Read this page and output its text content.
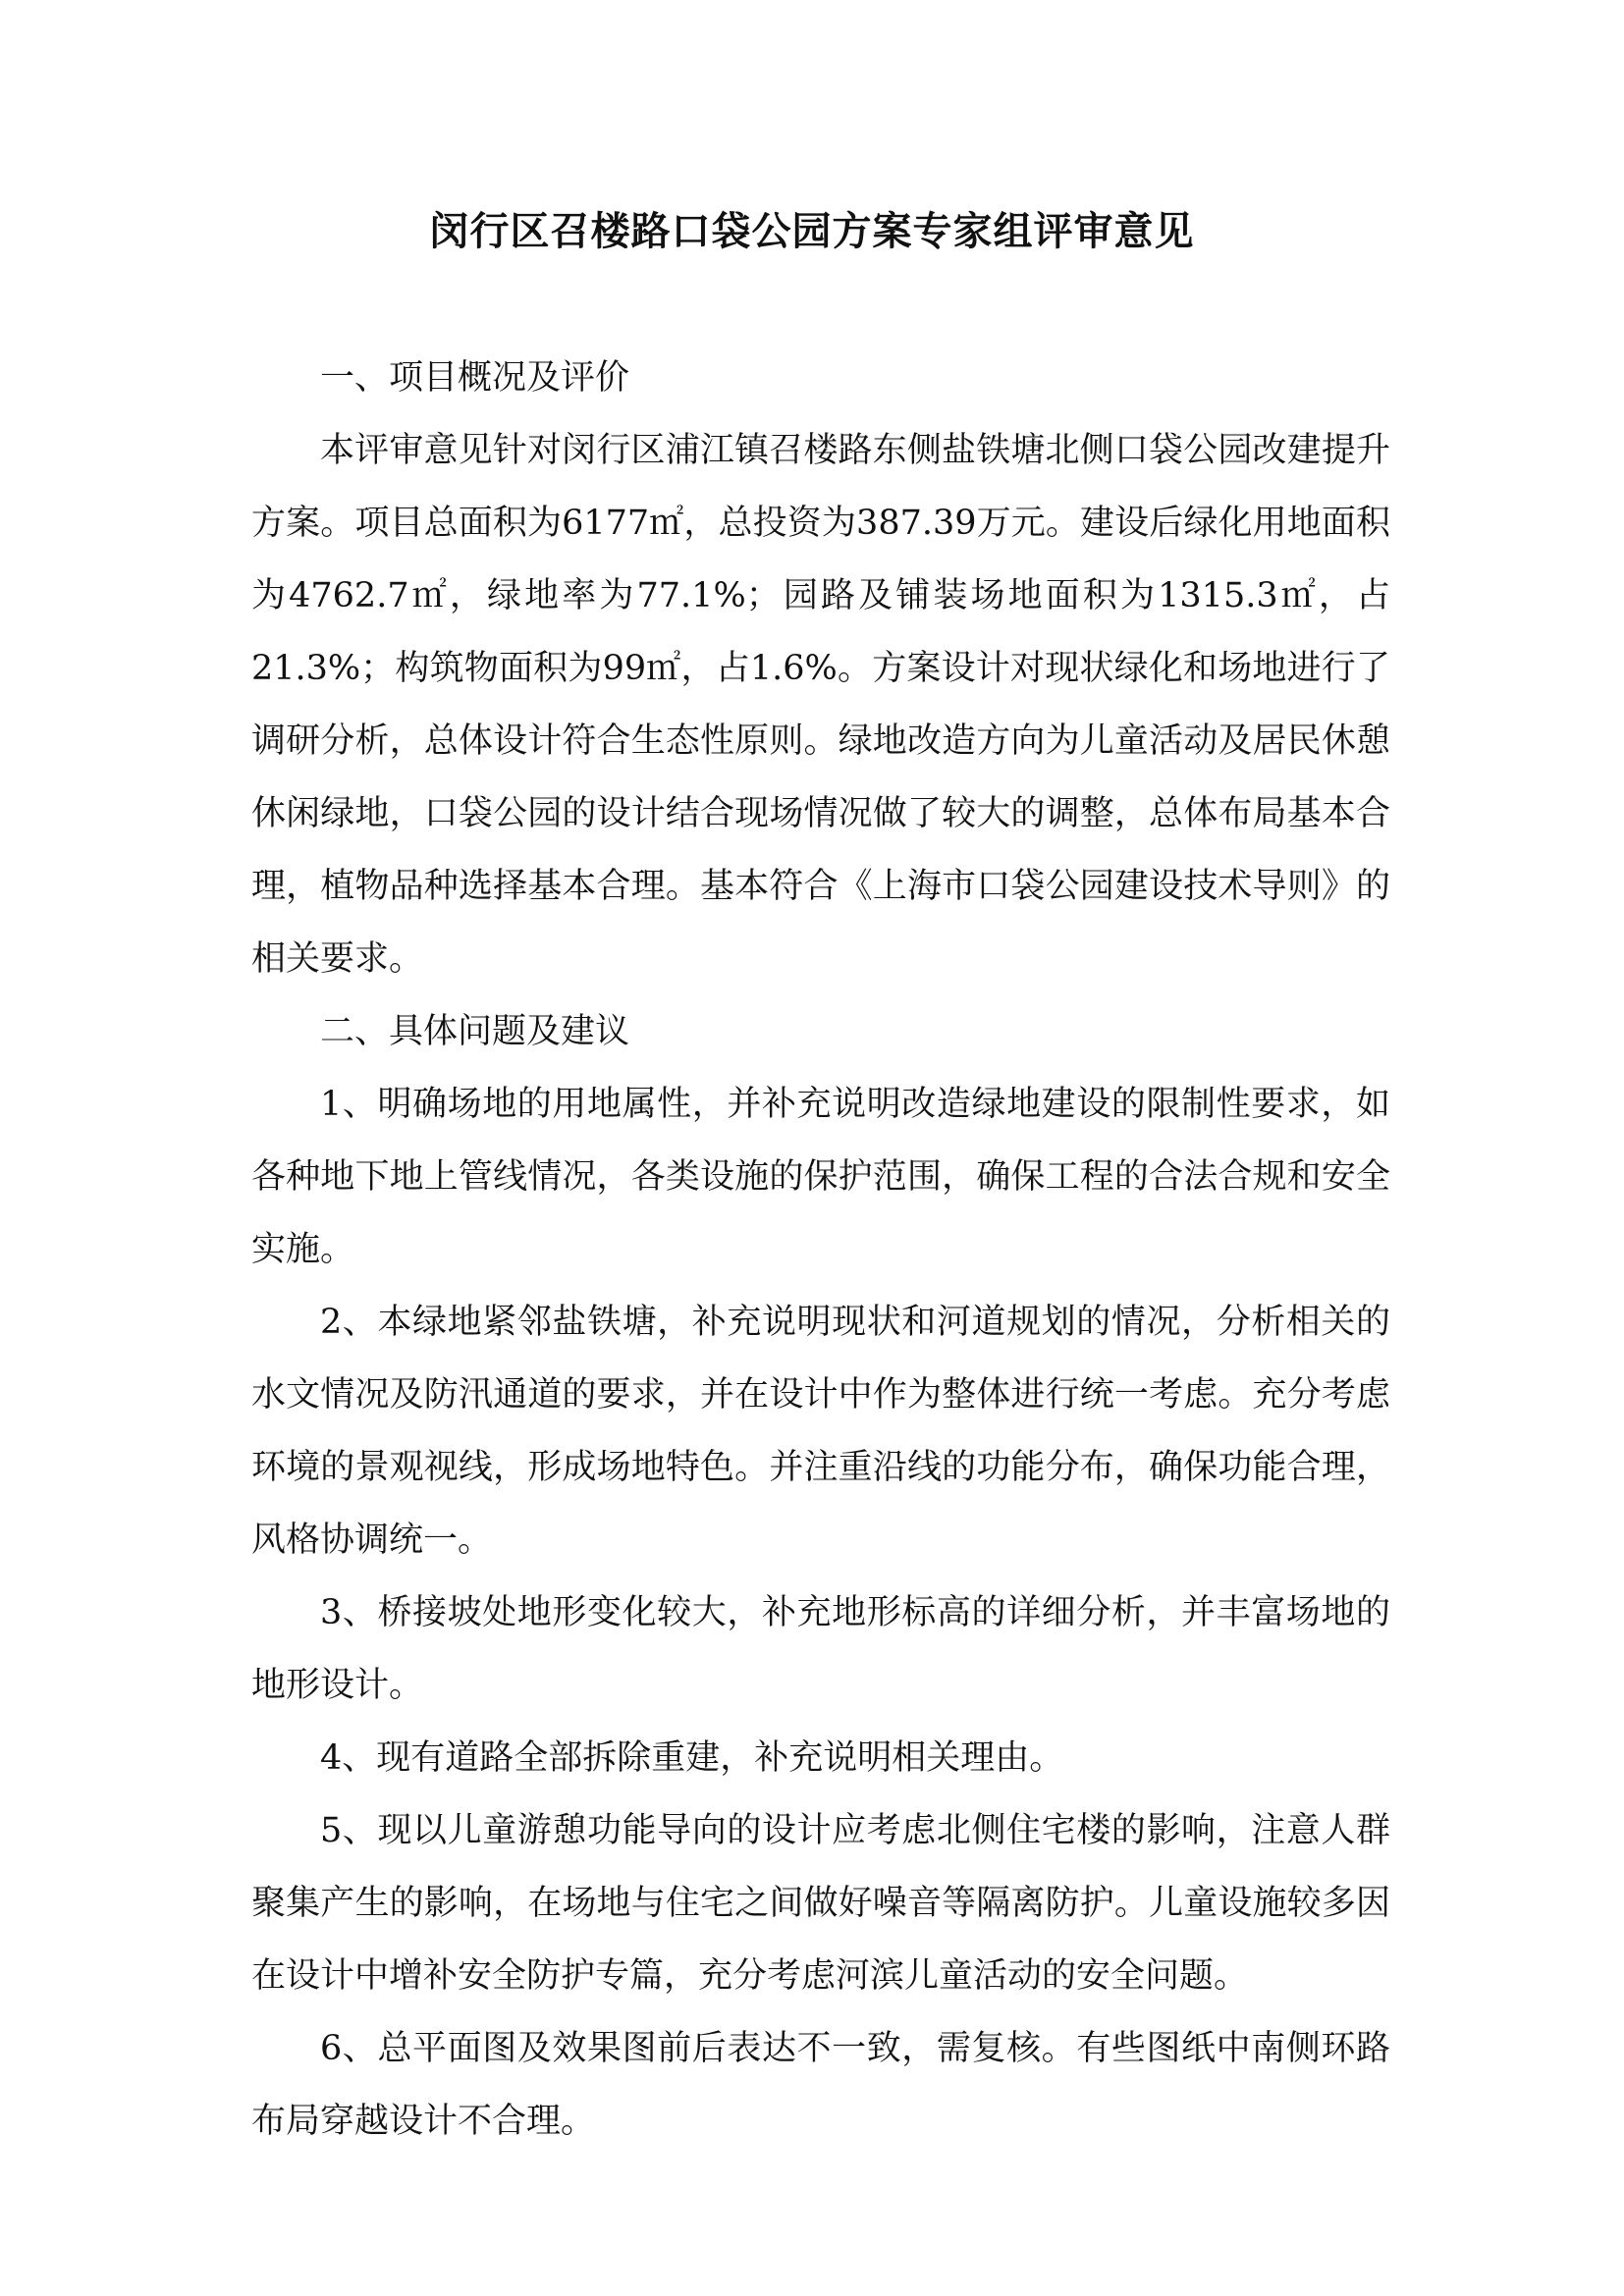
闵行区召楼路口袋公园方案专家组评审意见

一、项目概况及评价

本评审意见针对闵行区浦江镇召楼路东侧盐铁塘北侧口袋公园改建提升方案。项目总面积为6177㎡，总投资为387.39万元。建设后绿化用地面积为4762.7㎡，绿地率为77.1%；园路及铺装场地面积为1315.3㎡，占21.3%；构筑物面积为99㎡，占1.6%。方案设计对现状绿化和场地进行了调研分析，总体设计符合生态性原则。绿地改造方向为儿童活动及居民休憩休闲绿地，口袋公园的设计结合现场情况做了较大的调整，总体布局基本合理，植物品种选择基本合理。基本符合《上海市口袋公园建设技术导则》的相关要求。

二、具体问题及建议

1、明确场地的用地属性，并补充说明改造绿地建设的限制性要求，如各种地下地上管线情况，各类设施的保护范围，确保工程的合法合规和安全实施。

2、本绿地紧邻盐铁塘，补充说明现状和河道规划的情况，分析相关的水文情况及防汛通道的要求，并在设计中作为整体进行统一考虑。充分考虑环境的景观视线，形成场地特色。并注重沿线的功能分布，确保功能合理，风格协调统一。

3、桥接坡处地形变化较大，补充地形标高的详细分析，并丰富场地的地形设计。

4、现有道路全部拆除重建，补充说明相关理由。

5、现以儿童游憩功能导向的设计应考虑北侧住宅楼的影响，注意人群聚集产生的影响，在场地与住宅之间做好噪音等隔离防护。儿童设施较多因在设计中增补安全防护专篇，充分考虑河滨儿童活动的安全问题。

6、总平面图及效果图前后表达不一致，需复核。有些图纸中南侧环路布局穿越设计不合理。
